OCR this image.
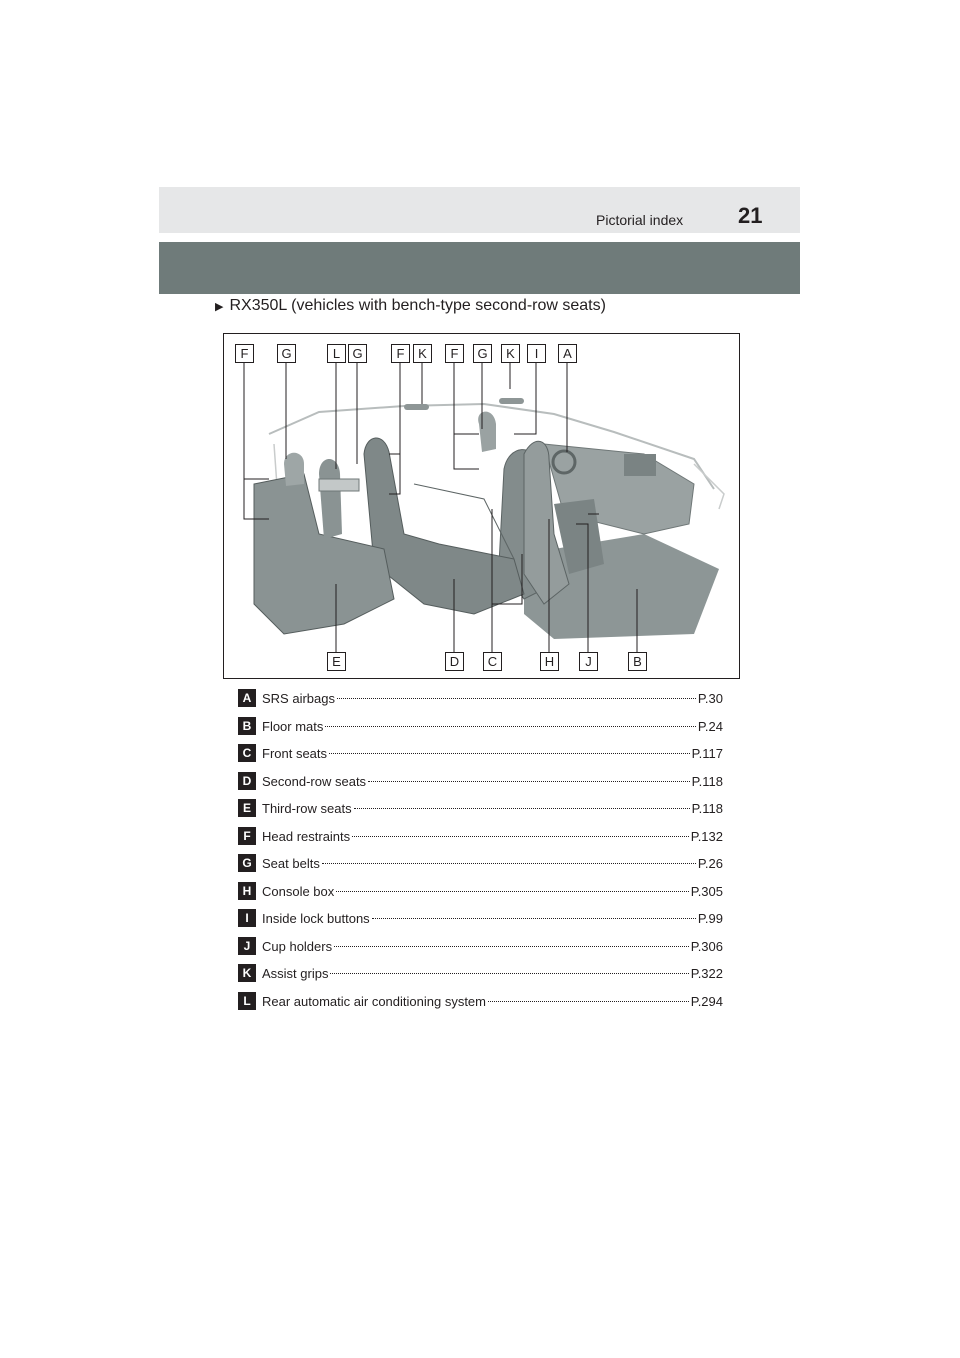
Pictorial index 21
▶ RX350L (vehicles with bench-type second-row seats)
F	G	L G	F	K	F	G	K	I	A
E	D	C	H	J	B
A SRS airbags	P.30
B Floor mats	P.24
C Front seats	P.117
D Second-row seats	P.118
E Third-row seats	P.118
F Head restraints	P.132
G Seat belts	P.26
H Console box	P.305
I	Inside lock buttons	P.99
J Cup holders	P.306
K Assist grips	P.322
L Rear automatic air conditioning system	P.294
